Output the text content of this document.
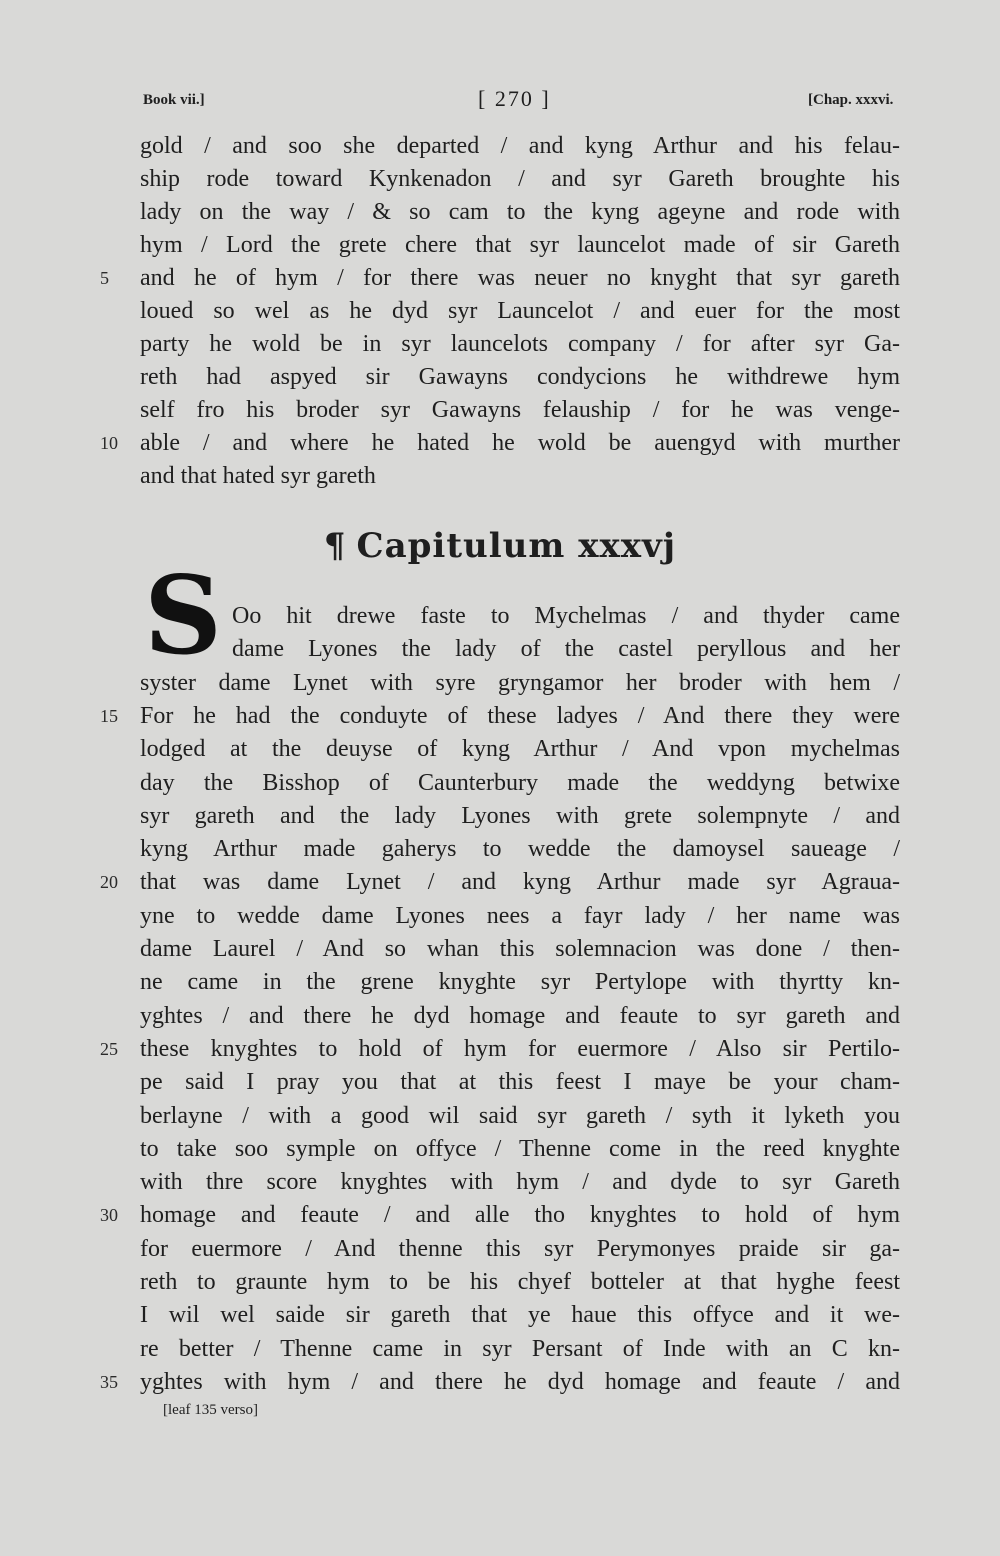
Book vii.]	[ 270 ]	[Chap. xxxvi.
gold / and soo she departed / and kyng Arthur and his felau-
ship rode toward Kynkenadon / and syr Gareth broughte his
lady on the way / & so cam to the kyng ageyne and rode with
hym / Lord the grete chere that syr launcelot made of sir Gareth
and he of hym / for there was neuer no knyght that syr gareth
5
loued so wel as he dyd syr Launcelot / and euer for the most
party he wold be in syr launcelots company / for after syr Ga-
reth had aspyed sir Gawayns condycions he withdrewe hym
self fro his broder syr Gawayns felauship / for he was venge-
able / and where he hated he wold be auengyd with murther
10
and that hated syr gareth
Oo hit drewe faste to Mychelmas / and thyder came
dame Lyones the lady of the castel peryllous and her
syster dame Lynet with syre gryngamor her broder with hem /
For he had the conduyte of these ladyes / And there they were
15
lodged at the deuyse of kyng Arthur / And vpon mychelmas
day the Bisshop of Caunterbury made the weddyng betwixe
syr gareth and the lady Lyones with grete solempnyte / and
kyng Arthur made gaherys to wedde the damoysel saueage /
that was dame Lynet / and kyng Arthur made syr Agraua-
20
yne to wedde dame Lyones nees a fayr lady / her name was
dame Laurel / And so whan this solemnacion was done / then-
ne came in the grene knyghte syr Pertylope with thyrtty kn-
yghtes / and there he dyd homage and feaute to syr gareth and
these knyghtes to hold of hym for euermore / Also sir Pertilo-
25
pe said I pray you that at this feest I maye be your cham-
berlayne / with a good wil said syr gareth / syth it lyketh you
to take soo symple on offyce / Thenne come in the reed knyghte
with thre score knyghtes with hym / and dyde to syr Gareth
homage and feaute / and alle tho knyghtes to hold of hym
30
for euermore / And thenne this syr Perymonyes praide sir ga-
reth to graunte hym to be his chyef botteler at that hyghe feest
I wil wel saide sir gareth that ye haue this offyce and it we-
re better / Thenne came in syr Persant of Inde with an C kn-
yghtes with hym / and there he dyd homage and feaute / and
35
¶ Capitulum xxxvj
S
[leaf 135 verso]
